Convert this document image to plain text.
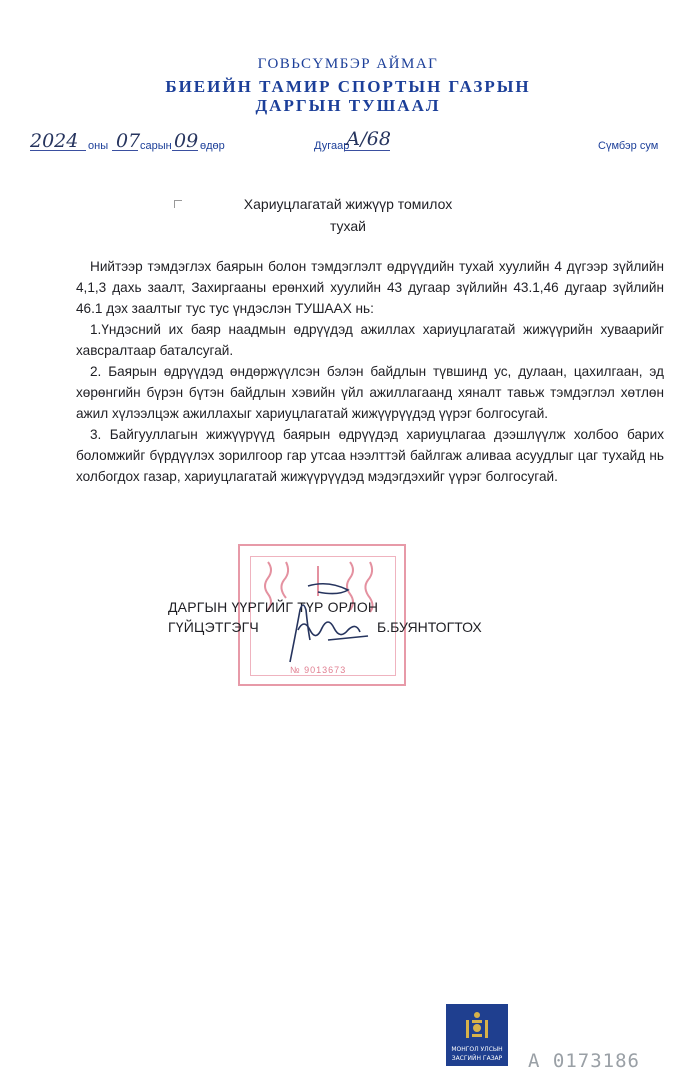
ГОВЬСҮМБЭР АЙМАГ
БИЕИЙН ТАМИР СПОРТЫН ГАЗРЫН
ДАРГЫН ТУШААЛ
2024 оны 07 сарын 09 өдөр	Дугаар
А/68	Сүмбэр сум
Хариуцлагатай жижүүр томилох
тухай

Нийтээр тэмдэглэх баярын болон тэмдэглэлт өдрүүдийн тухай хуулийн 4 дүгээр зүйлийн 4,1,3 дахь заалт, Захиргааны ерөнхий хуулийн 43 дугаар зүйлийн 43.1,46 дугаар зүйлийн 46.1 дэх заалтыг тус тус үндэслэн ТУШААХ нь:

1.Үндэсний их баяр наадмын өдрүүдэд ажиллах хариуцлагатай жижүүрийн хуваарийг хавсралтаар баталсугай.

2. Баярын өдрүүдэд өндөржүүлсэн бэлэн байдлын түвшинд ус, дулаан, цахилгаан, эд хөрөнгийн бүрэн бүтэн байдлын хэвийн үйл ажиллагаанд хяналт тавьж тэмдэглэл хөтлөн ажил хүлээлцэж ажиллахыг хариуцлагатай жижүүрүүдэд үүрэг болгосугай.

3. Байгууллагын жижүүрүүд баярын өдрүүдэд хариуцлагаа дээшлүүлж холбоо барих боломжийг бүрдүүлэх зорилгоор гар утсаа нээлттэй байлгаж аливаа асуудлыг цаг тухайд нь холбогдох газар, хариуцлагатай жижүүрүүдэд мэдэгдэхийг үүрэг болгосугай.

№ 9013673
ДАРГЫН ҮҮРГИЙГ ТҮР ОРЛОН
ГҮЙЦЭТГЭГЧ	Б.БУЯНТОГТОХ
МОНГОЛ УЛСЫН
ЗАСГИЙН ГАЗАР	А 0173186
